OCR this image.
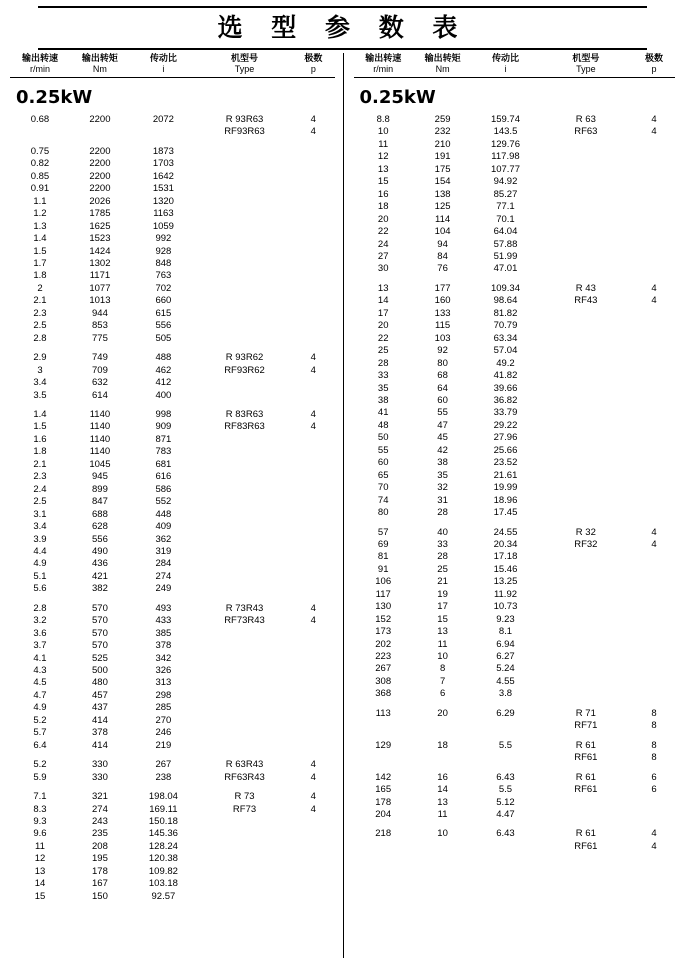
选 型 参 数 表
输出转速	输出转矩	传动比	机型号	极数
r/min	Nm	i	Type	p
0.25kW
0.68	2200	2072	R 93R63	4
			RF93R63	4

0.75	2200	1873		
0.82	2200	1703		
0.85	2200	1642		
0.91	2200	1531		
1.1	2026	1320		
1.2	1785	1163		
1.3	1625	1059		
1.4	1523	992		
1.5	1424	928		
1.7	1302	848		
1.8	1171	763		
2	1077	702		
2.1	1013	660		
2.3	944	615		
2.5	853	556		
2.8	775	505		

2.9	749	488	R 93R62	4
3	709	462	RF93R62	4
3.4	632	412		
3.5	614	400		

1.4	1140	998	R 83R63	4
1.5	1140	909	RF83R63	4
1.6	1140	871		
1.8	1140	783		
2.1	1045	681		
2.3	945	616		
2.4	899	586		
2.5	847	552		
3.1	688	448		
3.4	628	409		
3.9	556	362		
4.4	490	319		
4.9	436	284		
5.1	421	274		
5.6	382	249		

2.8	570	493	R 73R43	4
3.2	570	433	RF73R43	4
3.6	570	385		
3.7	570	378		
4.1	525	342		
4.3	500	326		
4.5	480	313		
4.7	457	298		
4.9	437	285		
5.2	414	270		
5.7	378	246		
6.4	414	219		

5.2	330	267	R 63R43	4
5.9	330	238	RF63R43	4

7.1	321	198.04	R 73	4
8.3	274	169.11	RF73	4
9.3	243	150.18		
9.6	235	145.36		
11	208	128.24		
12	195	120.38		
13	178	109.82		
14	167	103.18		
15	150	92.57		
输出转速	输出转矩	传动比	机型号	极数
r/min	Nm	i	Type	p
0.25kW
8.8	259	159.74	R 63	4
10	232	143.5	RF63	4
11	210	129.76		
12	191	117.98		
13	175	107.77		
15	154	94.92		
16	138	85.27		
18	125	77.1		
20	114	70.1		
22	104	64.04		
24	94	57.88		
27	84	51.99		
30	76	47.01		

13	177	109.34	R 43	4
14	160	98.64	RF43	4
17	133	81.82		
20	115	70.79		
22	103	63.34		
25	92	57.04		
28	80	49.2		
33	68	41.82		
35	64	39.66		
38	60	36.82		
41	55	33.79		
48	47	29.22		
50	45	27.96		
55	42	25.66		
60	38	23.52		
65	35	21.61		
70	32	19.99		
74	31	18.96		
80	28	17.45		

57	40	24.55	R 32	4
69	33	20.34	RF32	4
81	28	17.18		
91	25	15.46		
106	21	13.25		
117	19	11.92		
130	17	10.73		
152	15	9.23		
173	13	8.1		
202	11	6.94		
223	10	6.27		
267	8	5.24		
308	7	4.55		
368	6	3.8		

113	20	6.29	R 71	8
			RF71	8

129	18	5.5	R 61	8
			RF61	8

142	16	6.43	R 61	6
165	14	5.5	RF61	6
178	13	5.12		
204	11	4.47		

218	10	6.43	R 61	4
			RF61	4
